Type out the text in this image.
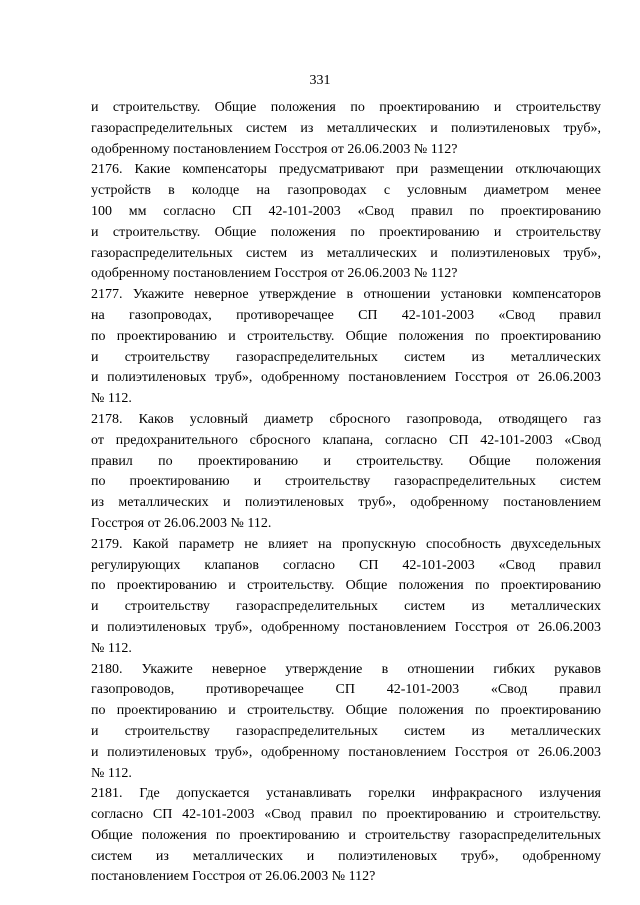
331
и строительству. Общие положения по проектированию и строительству
газораспределительных систем из металлических и полиэтиленовых труб»,
одобренному постановлением Госстроя от 26.06.2003 № 112?
2176. Какие компенсаторы предусматривают при размещении отключающих
устройств в колодце на газопроводах с условным диаметром менее
100 мм согласно СП 42-101-2003 «Свод правил по проектированию
и строительству. Общие положения по проектированию и строительству
газораспределительных систем из металлических и полиэтиленовых труб»,
одобренному постановлением Госстроя от 26.06.2003 № 112?
2177. Укажите неверное утверждение в отношении установки компенсаторов
на газопроводах, противоречащее СП 42-101-2003 «Свод правил
по проектированию и строительству. Общие положения по проектированию
и строительству газораспределительных систем из металлических
и полиэтиленовых труб», одобренному постановлением Госстроя от 26.06.2003
№ 112.
2178. Каков условный диаметр сбросного газопровода, отводящего газ
от предохранительного сбросного клапана, согласно СП 42-101-2003 «Свод
правил по проектированию и строительству. Общие положения
по проектированию и строительству газораспределительных систем
из металлических и полиэтиленовых труб», одобренному постановлением
Госстроя от 26.06.2003 № 112.
2179. Какой параметр не влияет на пропускную способность двухседельных
регулирующих клапанов согласно СП 42-101-2003 «Свод правил
по проектированию и строительству. Общие положения по проектированию
и строительству газораспределительных систем из металлических
и полиэтиленовых труб», одобренному постановлением Госстроя от 26.06.2003
№ 112.
2180. Укажите неверное утверждение в отношении гибких рукавов
газопроводов, противоречащее СП 42-101-2003 «Свод правил
по проектированию и строительству. Общие положения по проектированию
и строительству газораспределительных систем из металлических
и полиэтиленовых труб», одобренному постановлением Госстроя от 26.06.2003
№ 112.
2181. Где допускается устанавливать горелки инфракрасного излучения
согласно СП 42-101-2003 «Свод правил по проектированию и строительству.
Общие положения по проектированию и строительству газораспределительных
систем из металлических и полиэтиленовых труб», одобренному
постановлением Госстроя от 26.06.2003 № 112?
